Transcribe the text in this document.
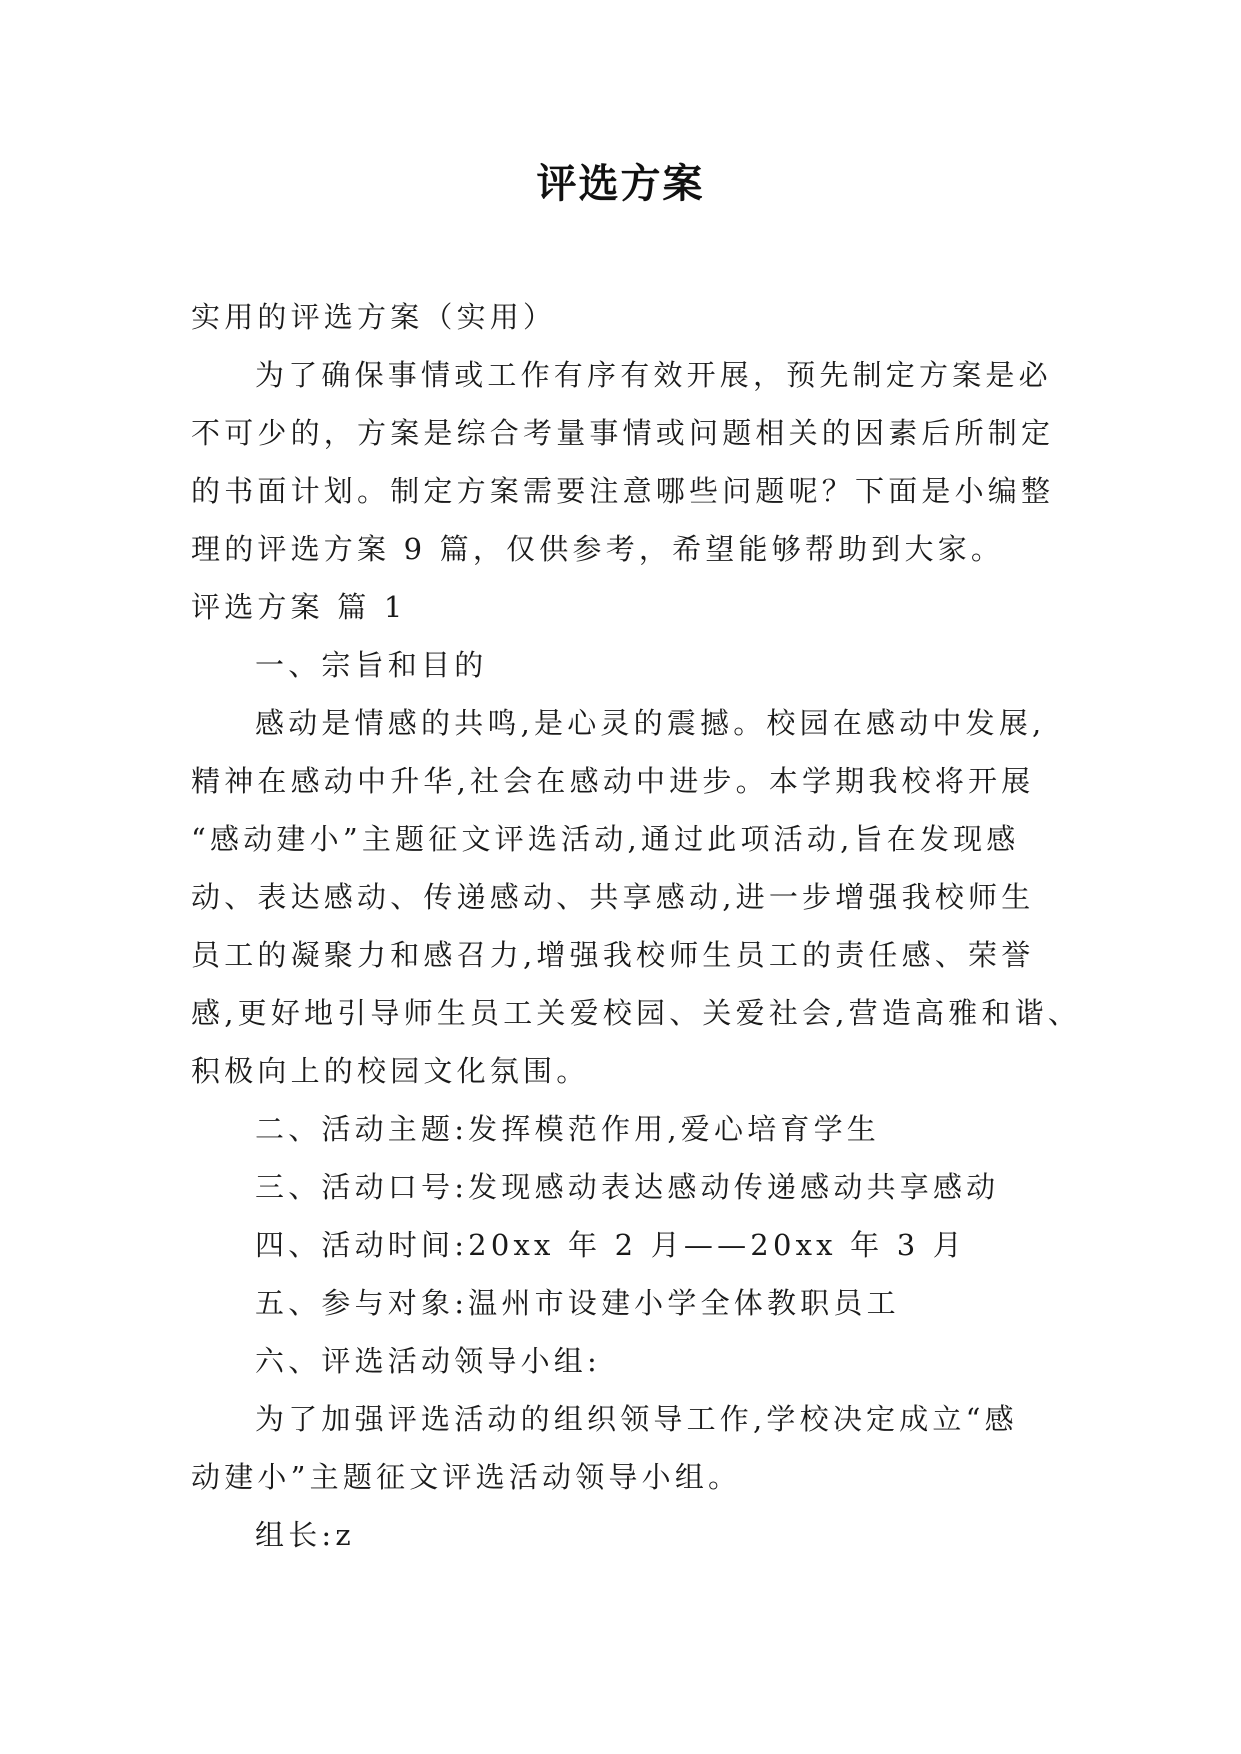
评选方案

实用的评选方案（实用）

为了确保事情或工作有序有效开展，预先制定方案是必

不可少的，方案是综合考量事情或问题相关的因素后所制定

的书面计划。制定方案需要注意哪些问题呢？下面是小编整

理的评选方案 9 篇，仅供参考，希望能够帮助到大家。

评选方案 篇 1

一、宗旨和目的

感动是情感的共鸣,是心灵的震撼。校园在感动中发展,

精神在感动中升华,社会在感动中进步。本学期我校将开展

“感动建小”主题征文评选活动,通过此项活动,旨在发现感

动、表达感动、传递感动、共享感动,进一步增强我校师生

员工的凝聚力和感召力,增强我校师生员工的责任感、荣誉

感,更好地引导师生员工关爱校园、关爱社会,营造高雅和谐、

积极向上的校园文化氛围。

二、活动主题:发挥模范作用,爱心培育学生

三、活动口号:发现感动表达感动传递感动共享感动

四、活动时间:20xx 年 2 月——20xx 年 3 月

五、参与对象:温州市设建小学全体教职员工

六、评选活动领导小组:

为了加强评选活动的组织领导工作,学校决定成立“感

动建小”主题征文评选活动领导小组。

组长:z
